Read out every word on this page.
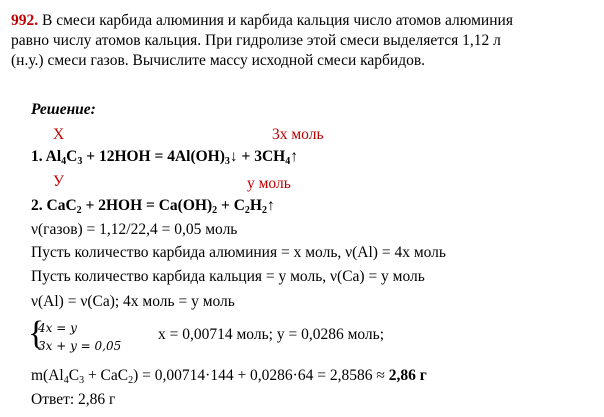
992. В смеси карбида алюминия и карбида кальция число атомов алюминия
равно числу атомов кальция. При гидролизе этой смеси выделяется 1,12 л
(н.у.) смеси газов. Вычислите массу исходной смеси карбидов.
Решение:
X	3x моль
1. $Al_4C_3 + 12HOH$ = $4Al(OH)_3↓$ + $3CH_4↑$
У	у моль
2. $CaC_2 + 2HOH = Ca(OH)_2$ + $C_2H_2↑$
ν(газов) = 1,12/22,4 = 0,05 моль
Пусть количество карбида алюминия = х моль, ν(Al) = 4х моль
Пусть количество карбида кальция = у моль, ν(Са) = у моль
ν(Al) = ν(Ca); 4х моль = у моль
{
4x = y
3x + y = 0,05
х = 0,00714 моль; у = 0,0286 моль;
$m(Al_4C_3 + CaC_2) = 0,00714\cdot 144 + 0,0286\cdot 64 = 2,8586 \approx 2,86$ г
Ответ: 2,86 г
